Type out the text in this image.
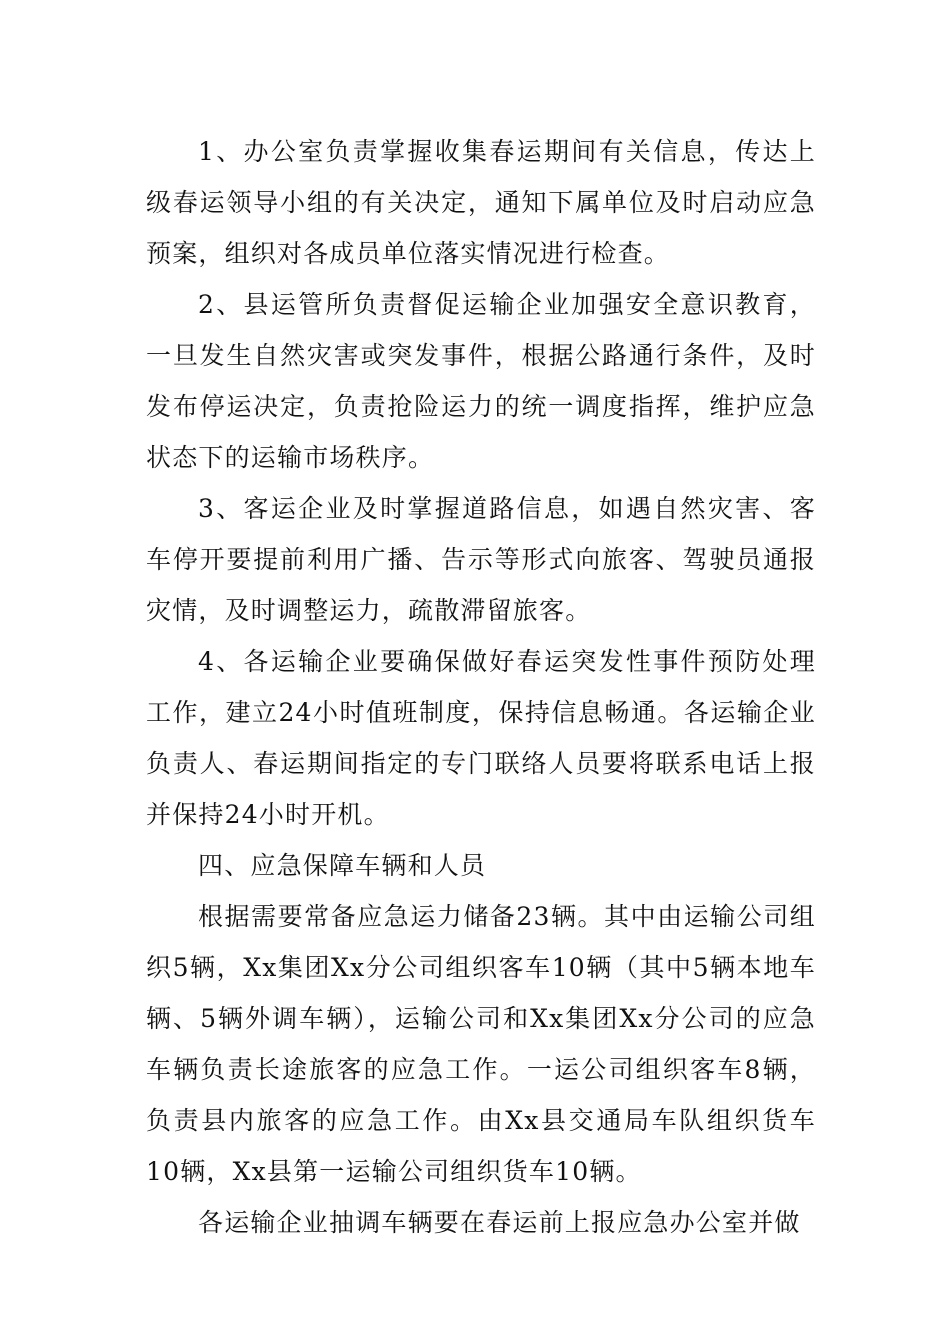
1、办公室负责掌握收集春运期间有关信息，传达上级春运领导小组的有关决定，通知下属单位及时启动应急预案，组织对各成员单位落实情况进行检查。

2、县运管所负责督促运输企业加强安全意识教育，一旦发生自然灾害或突发事件，根据公路通行条件，及时发布停运决定，负责抢险运力的统一调度指挥，维护应急状态下的运输市场秩序。

3、客运企业及时掌握道路信息，如遇自然灾害、客车停开要提前利用广播、告示等形式向旅客、驾驶员通报灾情，及时调整运力，疏散滞留旅客。

4、各运输企业要确保做好春运突发性事件预防处理工作，建立24小时值班制度，保持信息畅通。各运输企业负责人、春运期间指定的专门联络人员要将联系电话上报并保持24小时开机。

四、应急保障车辆和人员

根据需要常备应急运力储备23辆。其中由运输公司组织5辆，Xx集团Xx分公司组织客车10辆（其中5辆本地车辆、5辆外调车辆），运输公司和Xx集团Xx分公司的应急车辆负责长途旅客的应急工作。一运公司组织客车8辆，负责县内旅客的应急工作。由Xx县交通局车队组织货车10辆，Xx县第一运输公司组织货车10辆。

各运输企业抽调车辆要在春运前上报应急办公室并做
